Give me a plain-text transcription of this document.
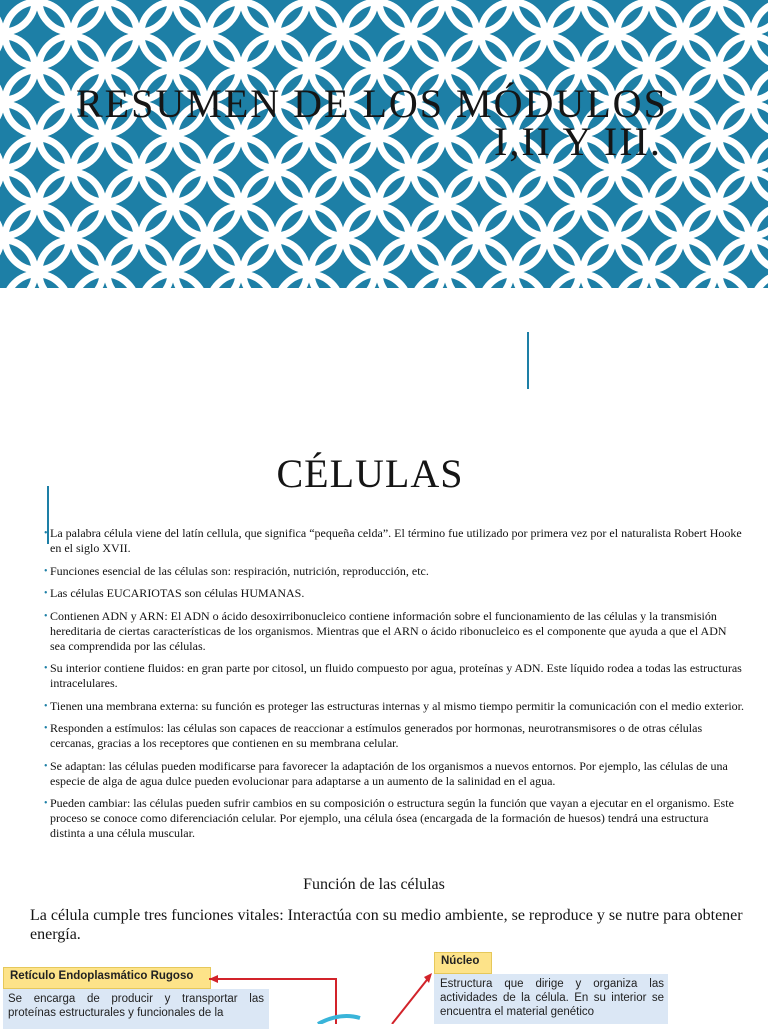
RESUMEN DE LOS MÓDULOS
I,II Y III.
CÉLULAS
• La palabra célula viene del latín cellula, que significa “pequeña celda”. El término fue utilizado por primera vez por el naturalista Robert Hooke en el siglo XVII.
• Funciones esencial de las células son: respiración, nutrición, reproducción, etc.
• Las células EUCARIOTAS son células HUMANAS.
• Contienen ADN y ARN: El ADN o ácido desoxirribonucleico contiene información sobre el funcionamiento de las células y la transmisión hereditaria de ciertas características de los organismos. Mientras que el ARN o ácido ribonucleico es el componente que ayuda a que el ADN sea comprendida por las células.
• Su interior contiene fluidos: en gran parte por citosol, un fluido compuesto por agua, proteínas y ADN. Este líquido rodea a todas las estructuras intracelulares.
• Tienen una membrana externa: su función es proteger las estructuras internas y al mismo tiempo permitir la comunicación con el medio exterior.
• Responden a estímulos: las células son capaces de reaccionar a estímulos generados por hormonas, neurotransmisores o de otras células cercanas, gracias a los receptores que contienen en su membrana celular.
• Se adaptan: las células pueden modificarse para favorecer la adaptación de los organismos a nuevos entornos. Por ejemplo, las células de una especie de alga de agua dulce pueden evolucionar para adaptarse a un aumento de la salinidad en el agua.
• Pueden cambiar: las células pueden sufrir cambios en su composición o estructura según la función que vayan a ejecutar en el organismo. Este proceso se conoce como diferenciación celular. Por ejemplo, una célula ósea (encargada de la formación de huesos) tendrá una estructura distinta a una célula muscular.
Función de las células
La célula cumple tres funciones vitales: Interactúa con su medio ambiente, se reproduce y se nutre para obtener energía.
Retículo Endoplasmático Rugoso
Se encarga de producir y transportar las proteínas estructurales y funcionales de la
Núcleo
Estructura que dirige y organiza las actividades de la célula. En su interior se encuentra el material genético
